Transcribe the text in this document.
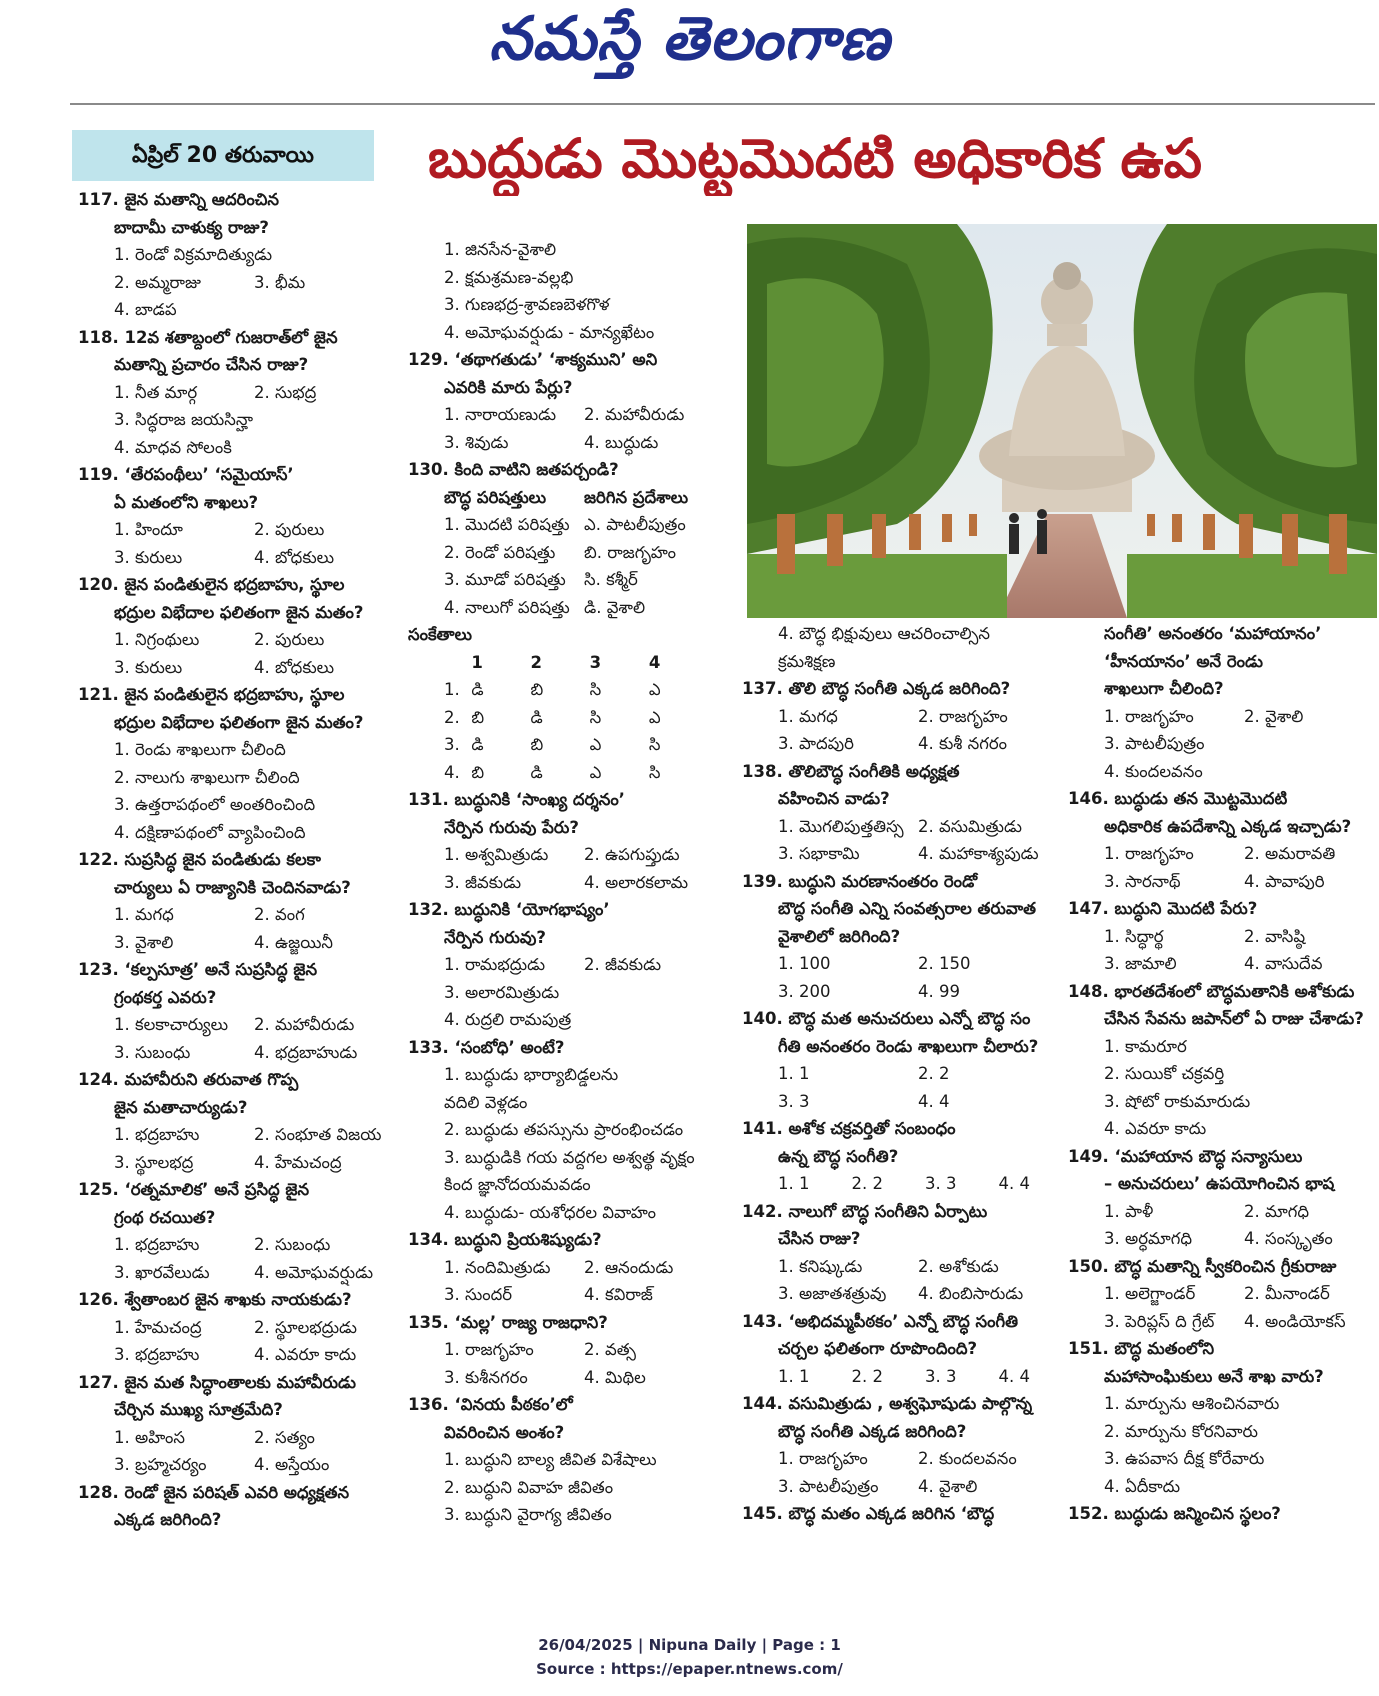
నమస్తే తెలంగాణ
ఏప్రిల్ 20 తరువాయి	బుద్ధుడు మొట్టమొదటి అధికారిక ఉప
117. జైన మతాన్ని ఆదరించిన
బాదామీ చాళుక్య రాజు?
1. రెండో విక్రమాదిత్యుడు
2. అమ్మరాజు	3. భీమ
4. బాడప
118. 12వ శతాబ్దంలో గుజరాత్‌లో జైన
మతాన్ని ప్రచారం చేసిన రాజు?
1. నీత మార్గ	2. సుభద్ర
3. సిద్ధరాజ జయసిన్హా
4. మాధవ సోలంకి
119. ‘తేరపంథీలు’ ‘సమైయాస్’
ఏ మతంలోని శాఖలు?
1. హిందూ	2. పురులు
3. కురులు	4. బోధకులు
120. జైన పండితులైన భద్రబాహు, స్థూల
భద్రుల విభేదాల ఫలితంగా జైన మతం?
1. నిగ్రంథులు	2. పురులు
3. కురులు	4. బోధకులు
121. జైన పండితులైన భద్రబాహు, స్థూల
భద్రుల విభేదాల ఫలితంగా జైన మతం?
1. రెండు శాఖలుగా చీలింది
2. నాలుగు శాఖలుగా చీలింది
3. ఉత్తరాపథంలో అంతరించింది
4. దక్షిణాపథంలో వ్యాపించింది
122. సుప్రసిద్ధ జైన పండితుడు కలకా
చార్యులు ఏ రాజ్యానికి చెందినవాడు?
1. మగధ	2. వంగ
3. వైశాలి	4. ఉజ్జయినీ
123. ‘కల్పసూత్ర’ అనే సుప్రసిద్ధ జైన
గ్రంథకర్త ఎవరు?
1. కలకాచార్యులు	2. మహావీరుడు
3. సుబంధు	4. భద్రబాహుడు
124. మహావీరుని తరువాత గొప్ప
జైన మతాచార్యుడు?
1. భద్రబాహు	2. సంభూత విజయ
3. స్థూలభద్ర	4. హేమచంద్ర
125. ‘రత్నమాలిక’ అనే ప్రసిద్ధ జైన
గ్రంథ రచయిత?
1. భద్రబాహు	2. సుబంధు
3. ఖారవేలుడు	4. అమోఘవర్షుడు
126. శ్వేతాంబర జైన శాఖకు నాయకుడు?
1. హేమచంద్ర	2. స్థూలభద్రుడు
3. భద్రబాహు	4. ఎవరూ కాదు
127. జైన మత సిద్ధాంతాలకు మహావీరుడు
చేర్చిన ముఖ్య సూత్రమేది?
1. అహింస	2. సత్యం
3. బ్రహ్మచర్యం	4. అస్తేయం
128. రెండో జైన పరిషత్ ఎవరి అధ్యక్షతన
ఎక్కడ జరిగింది?
1. జినసేన-వైశాలి
2. క్షమశ్రమణ-వల్లభి
3. గుణభద్ర-శ్రావణబెళగొళ
4. అమోఘవర్షుడు - మాన్యఖేటం
129. ‘తథాగతుడు’ ‘శాక్యముని’ అని
ఎవరికి మారు పేర్లు?
1. నారాయణుడు	2. మహావీరుడు
3. శివుడు	4. బుద్ధుడు
130. కింది వాటిని జతపర్చండి?
బౌద్ధ పరిషత్తులు	జరిగిన ప్రదేశాలు
1. మొదటి పరిషత్తు ఎ. పాటలీపుత్రం
2. రెండో పరిషత్తు	బి. రాజగృహం
3. మూడో పరిషత్తు	సి. కశ్మీర్
4. నాలుగో పరిషత్తు డి. వైశాలి
సంకేతాలు
1	2	3	4
1. డి	బి	సి	ఎ
2. బి	డి	సి	ఎ
3. డి	బి	ఎ	సి
4. బి	డి	ఎ	సి
131. బుద్ధునికి ‘సాంఖ్య దర్శనం’
నేర్పిన గురువు పేరు?
1. అశ్వమిత్రుడు	2. ఉపగుప్తుడు
3. జీవకుడు	4. అలారకలామ
132. బుద్ధునికి ‘యోగభాష్యం’
నేర్పిన గురువు?
1. రామభద్రుడు	2. జీవకుడు
3. అలారమిత్రుడు
4. రుద్రలి రామపుత్ర
133. ‘సంబోధి’ అంటే?
1. బుద్ధుడు భార్యాబిడ్డలను
వదిలి వెళ్లడం
2. బుద్ధుడు తపస్సును ప్రారంభించడం
3. బుద్ధుడికి గయ వద్దగల అశ్వత్థ వృక్షం
కింద జ్ఞానోదయమవడం
4. బుద్ధుడు- యశోధరల వివాహం
134. బుద్ధుని ప్రియశిష్యుడు?
1. నందిమిత్రుడు	2. ఆనందుడు
3. సుందర్	4. కవిరాజ్
135. ‘మల్ల’ రాజ్య రాజధాని?
1. రాజగృహం	2. వత్స
3. కుశీనగరం	4. మిథిల
136. ‘వినయ పీఠకం’లో
వివరించిన అంశం?
1. బుద్ధుని బాల్య జీవిత విశేషాలు
2. బుద్ధుని వివాహ జీవితం
3. బుద్ధుని వైరాగ్య జీవితం
4. బౌద్ధ భిక్షువులు ఆచరించాల్సిన
క్రమశిక్షణ
137. తొలి బౌద్ధ సంగీతి ఎక్కడ జరిగింది?
1. మగధ	2. రాజగృహం
3. పాదపురి	4. కుశీ నగరం
138. తొలిబౌద్ధ సంగీతికి అధ్యక్షత
వహించిన వాడు?
1. మొగలిపుత్తతిస్స 2. వసుమిత్రుడు
3. సభాకామి	4. మహాకాశ్యపుడు
139. బుద్ధుని మరణానంతరం రెండో
బౌద్ధ సంగీతి ఎన్ని సంవత్సరాల తరువాత
వైశాలిలో జరిగింది?
1. 100	2. 150
3. 200	4. 99
140. బౌద్ధ మత అనుచరులు ఎన్నో బౌద్ధ సం
గీతి అనంతరం రెండు శాఖలుగా చీలారు?
1. 1	2. 2
3. 3	4. 4
141. అశోక చక్రవర్తితో సంబంధం
ఉన్న బౌద్ధ సంగీతి?
1. 1	2. 2	3. 3	4. 4
142. నాలుగో బౌద్ధ సంగీతిని ఏర్పాటు
చేసిన రాజు?
1. కనిష్కుడు	2. అశోకుడు
3. అజాతశత్రువు	4. బింబిసారుడు
143. ‘అభిదమ్మపీఠకం’ ఎన్నో బౌద్ధ సంగీతి
చర్చల ఫలితంగా రూపొందింది?
1. 1	2. 2	3. 3	4. 4
144. వసుమిత్రుడు , అశ్వఘోషుడు పాల్గొన్న
బౌద్ధ సంగీతి ఎక్కడ జరిగింది?
1. రాజగృహం	2. కుందలవనం
3. పాటలీపుత్రం	4. వైశాలి
145. బౌద్ధ మతం ఎక్కడ జరిగిన ‘బౌద్ధ
సంగీతి’ అనంతరం ‘మహాయానం’
‘హీనయానం’ అనే రెండు
శాఖలుగా చీలింది?
1. రాజగృహం	2. వైశాలి
3. పాటలీపుత్రం
4. కుందలవనం
146. బుద్ధుడు తన మొట్టమొదటి
అధికారిక ఉపదేశాన్ని ఎక్కడ ఇచ్చాడు?
1. రాజగృహం	2. అమరావతి
3. సారనాథ్	4. పావాపురి
147. బుద్ధుని మొదటి పేరు?
1. సిద్ధార్థ	2. వాసిష్ఠి
3. జామాలి	4. వాసుదేవ
148. భారతదేశంలో బౌద్ధమతానికి అశోకుడు
చేసిన సేవను జపాన్‌లో ఏ రాజు చేశాడు?
1. కామరూర
2. సుయికో చక్రవర్తి
3. షోటో రాకుమారుడు
4. ఎవరూ కాదు
149. ‘మహాయాన బౌద్ధ సన్యాసులు
– అనుచరులు’ ఉపయోగించిన భాష
1. పాళీ	2. మాగధి
3. అర్ధమాగధి	4. సంస్కృతం
150. బౌద్ధ మతాన్ని స్వీకరించిన గ్రీకురాజు
1. అలెగ్జాండర్	2. మీనాండర్
3. పెరిప్లస్ ది గ్రేట్	4. అండియోకస్
151. బౌద్ధ మతంలోని
మహాసాంఘికులు అనే శాఖ వారు?
1. మార్పును ఆశించినవారు
2. మార్పును కోరనివారు
3. ఉపవాస దీక్ష కోరేవారు
4. ఏదీకాదు
152. బుద్ధుడు జన్మించిన స్థలం?
26/04/2025 | Nipuna Daily | Page : 1
Source : https://epaper.ntnews.com/
